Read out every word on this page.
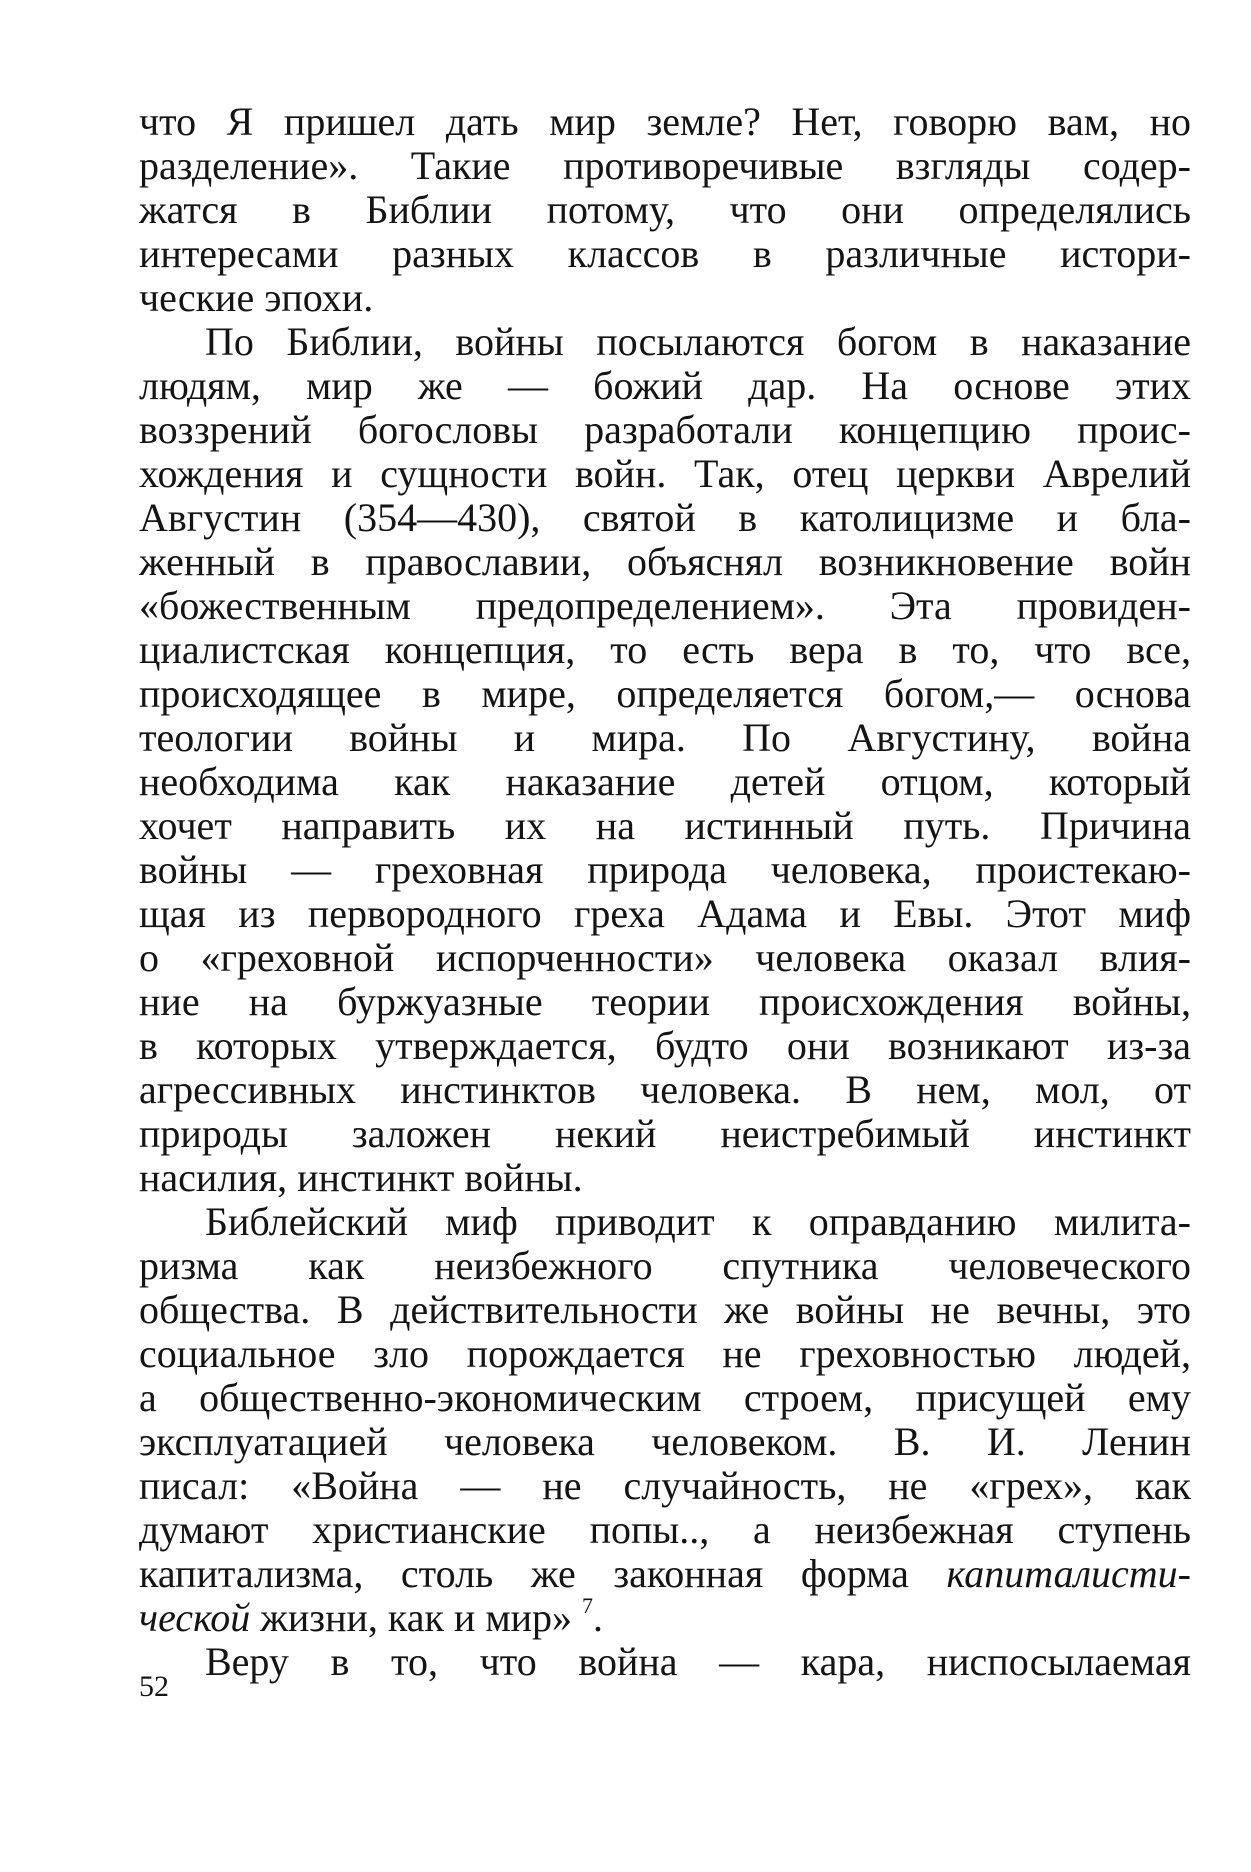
что Я пришел дать мир земле? Нет, говорю вам, но
разделение». Такие противоречивые взгляды содер-
жатся в Библии потому, что они определялись
интересами разных классов в различные истори-
ческие эпохи.
По Библии, войны посылаются богом в наказание
людям, мир же — божий дар. На основе этих
воззрений богословы разработали концепцию проис-
хождения и сущности войн. Так, отец церкви Аврелий
Августин (354—430), святой в католицизме и бла-
женный в православии, объяснял возникновение войн
«божественным предопределением». Эта провиден-
циалистская концепция, то есть вера в то, что все,
происходящее в мире, определяется богом,— основа
теологии войны и мира. По Августину, война
необходима как наказание детей отцом, который
хочет направить их на истинный путь. Причина
войны — греховная природа человека, проистекаю-
щая из первородного греха Адама и Евы. Этот миф
о «греховной испорченности» человека оказал влия-
ние на буржуазные теории происхождения войны,
в которых утверждается, будто они возникают из-за
агрессивных инстинктов человека. В нем, мол, от
природы заложен некий неистребимый инстинкт
насилия, инстинкт войны.
Библейский миф приводит к оправданию милита-
ризма как неизбежного спутника человеческого
общества. В действительности же войны не вечны, это
социальное зло порождается не греховностью людей,
а общественно-экономическим строем, присущей ему
эксплуатацией человека человеком. В. И. Ленин
писал: «Война — не случайность, не «грех», как
думают христианские попы.., а неизбежная ступень
капитализма, столь же законная форма капиталисти-
ческой жизни, как и мир» $^7$.
Веру в то, что война — кара, ниспосылаемая
52
